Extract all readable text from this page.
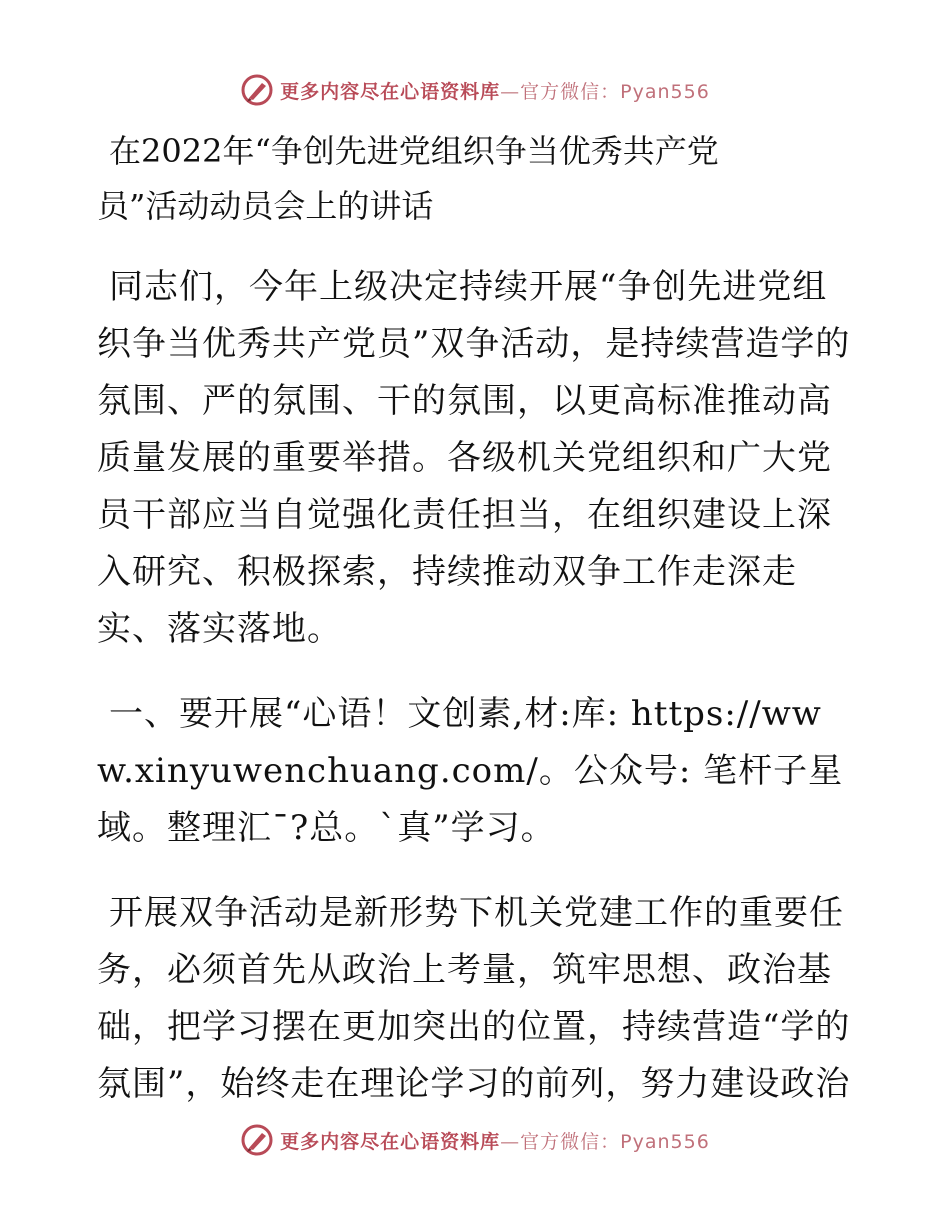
更多内容尽在心语资料库—官方微信：Pyan556
在2022年“争创先进党组织争当优秀共产党员”活动动员会上的讲话

同志们，今年上级决定持续开展“争创先进党组织争当优秀共产党员”双争活动，是持续营造学的氛围、严的氛围、干的氛围，以更高标准推动高质量发展的重要举措。各级机关党组织和广大党员干部应当自觉强化责任担当，在组织建设上深入研究、积极探索，持续推动双争工作走深走实、落实落地。

一、要开展“心语！文创素,材:库: https://www.xinyuwenchuang.com/。公众号: 笔杆子星域。整理汇¯?总。`真”学习。

开展双争活动是新形势下机关党建工作的重要任务，必须首先从政治上考量，筑牢思想、政治基础，把学习摆在更加突出的位置，持续营造“学的氛围”，始终走在理论学习的前列，努力建设政治

更多内容尽在心语资料库—官方微信：Pyan556
